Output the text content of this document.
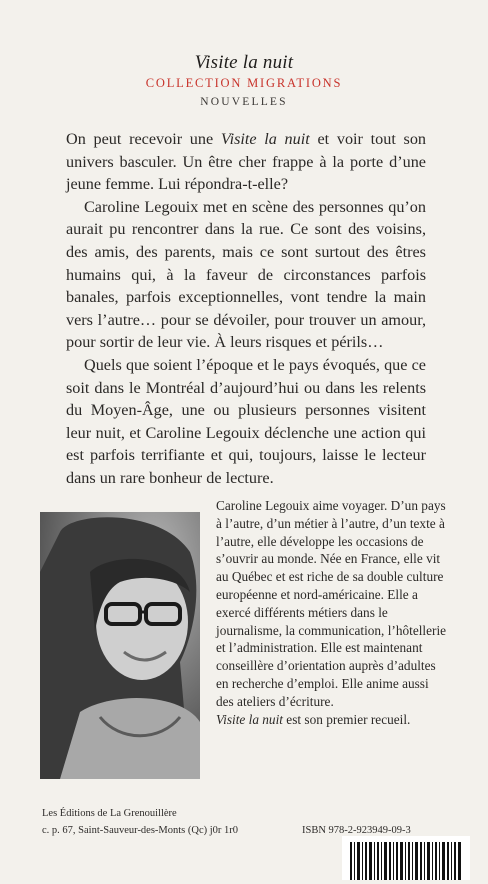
Visite la nuit
COLLECTION MIGRATIONS
NOUVELLES

On peut recevoir une Visite la nuit et voir tout son univers basculer. Un être cher frappe à la porte d’une jeune femme. Lui répondra-t-elle?

Caroline Legouix met en scène des personnes qu’on aurait pu rencontrer dans la rue. Ce sont des voisins, des amis, des parents, mais ce sont surtout des êtres humains qui, à la faveur de circonstances parfois banales, parfois exceptionnelles, vont tendre la main vers l’autre… pour se dévoiler, pour trouver un amour, pour sortir de leur vie. À leurs risques et périls…

Quels que soient l’époque et le pays évoqués, que ce soit dans le Montréal d’aujourd’hui ou dans les relents du Moyen-Âge, une ou plusieurs personnes visitent leur nuit, et Caroline Legouix déclenche une action qui est parfois terrifiante et qui, toujours, laisse le lecteur dans un rare bonheur de lecture.

Caroline Legouix aime voyager. D’un pays à l’autre, d’un métier à l’autre, d’un texte à l’autre, elle développe les occasions de s’ouvrir au monde. Née en France, elle vit au Québec et est riche de sa double culture européenne et nord-américaine. Elle a exercé différents métiers dans le journalisme, la communication, l’hôtellerie et l’administration. Elle est maintenant conseillère d’orientation auprès d’adultes en recherche d’emploi. Elle anime aussi des ateliers d’écriture.

Visite la nuit est son premier recueil.

Les Éditions de La Grenouillère
c. p. 67, Saint-Sauveur-des-Monts (Qc) j0r 1r0	ISBN 978-2-923949-09-3
